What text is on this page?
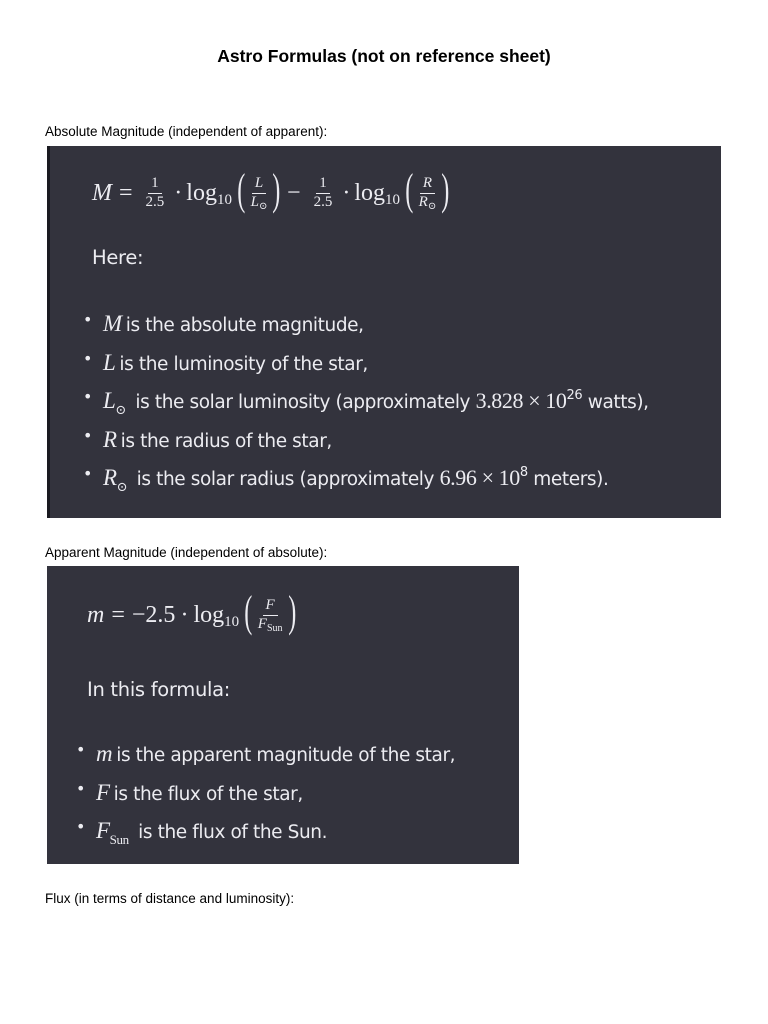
Astro Formulas (not on reference sheet)
Absolute Magnitude (independent of apparent):
$M = \frac{1}{2.5} \cdot \log 10$ ( $\frac{L}{L_⊙}$ ) − $\frac{1}{2.5} \cdot \log 10$ ( $\frac{R}{R_⊙}$ )
Here:
• M is the absolute magnitude,
• L is the luminosity of the star,
• $L_⊙$ is the solar luminosity (approximately $3.828 \times 10^{26}$ watts),
• R is the radius of the star,
• $R_⊙$ is the solar radius (approximately $6.96 \times 10^8$ meters).
Apparent Magnitude (independent of absolute):
m = −2.5 · log 10 ( $\frac{F}{F_{Sun}}$ )
In this formula:
• m is the apparent magnitude of the star,
• F is the flux of the star,
• $F_{Sun}$ is the flux of the Sun.
Flux (in terms of distance and luminosity):
